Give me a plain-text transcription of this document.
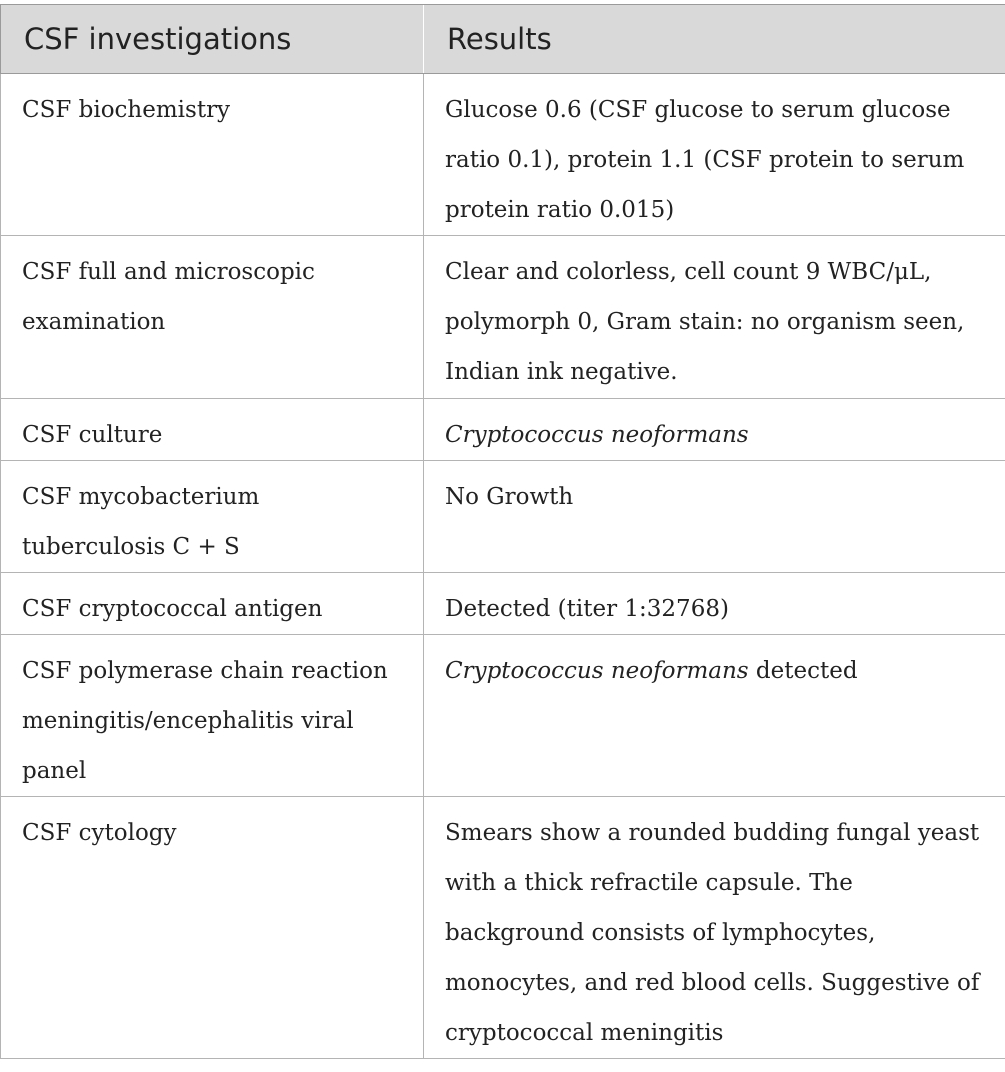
CSF investigations	Results
CSF biochemistry	Glucose 0.6 (CSF glucose to serum glucose ratio 0.1), protein 1.1 (CSF protein to serum protein ratio 0.015)
CSF full and microscopic examination	Clear and colorless, cell count 9 WBC/μL, polymorph 0, Gram stain: no organism seen, Indian ink negative.
CSF culture	Cryptococcus neoformans
CSF mycobacterium tuberculosis C + S	No Growth
CSF cryptococcal antigen	Detected (titer 1:32768)
CSF polymerase chain reaction meningitis/encephalitis viral panel	Cryptococcus neoformans detected
CSF cytology	Smears show a rounded budding fungal yeast with a thick refractile capsule. The background consists of lymphocytes, monocytes, and red blood cells. Suggestive of cryptococcal meningitis
